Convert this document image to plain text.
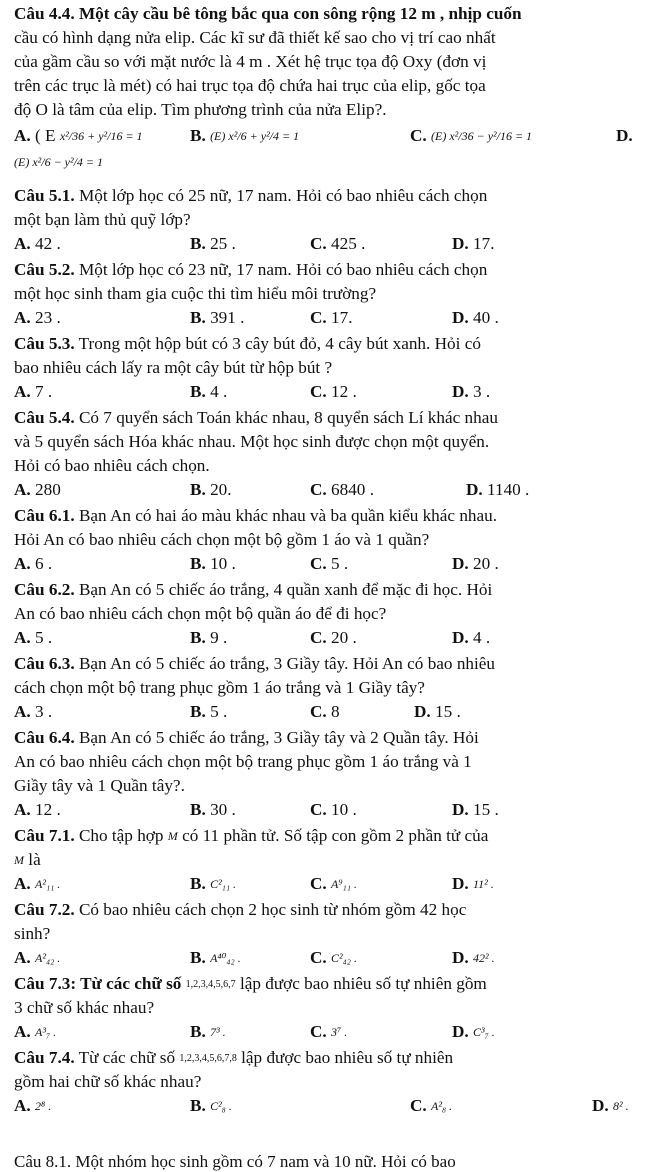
Câu 4.4. Một cây cầu bê tông bắc qua con sông rộng 12 m , nhịp cuốn
cầu có hình dạng nửa elip. Các kĩ sư đã thiết kế sao cho vị trí cao nhất
của gầm cầu so với mặt nước là 4 m . Xét hệ trục tọa độ Oxy (đơn vị
trên các trục là mét) có hai trục tọa độ chứa hai trục của elip, gốc tọa
độ O là tâm của elip. Tìm phương trình của nửa Elip?.
A. ( E x²/36 + y²/16 = 1	B. (E) x²/6 + y²/4 = 1	C. (E) x²/36 − y²/16 = 1	D.
(E) x²/6 − y²/4 = 1
Câu 5.1. Một lớp học có 25 nữ, 17 nam. Hỏi có bao nhiêu cách chọn
một bạn làm thủ quỹ lớp?
A. 42 .	B. 25 .	C. 425 .	D. 17.
Câu 5.2. Một lớp học có 23 nữ, 17 nam. Hỏi có bao nhiêu cách chọn
một học sinh tham gia cuộc thi tìm hiểu môi trường?
A. 23 .	B. 391 .	C. 17.	D. 40 .
Câu 5.3. Trong một hộp bút có 3 cây bút đỏ, 4 cây bút xanh. Hỏi có
bao nhiêu cách lấy ra một cây bút từ hộp bút ?
A. 7 .	B. 4 .	C. 12 .	D. 3 .
Câu 5.4. Có 7 quyển sách Toán khác nhau, 8 quyển sách Lí khác nhau
và 5 quyển sách Hóa khác nhau. Một học sinh được chọn một quyển.
Hỏi có bao nhiêu cách chọn.
A. 280	B. 20.	C. 6840 .	D. 1140 .
Câu 6.1. Bạn An có hai áo màu khác nhau và ba quần kiểu khác nhau.
Hỏi An có bao nhiêu cách chọn một bộ gồm 1 áo và 1 quần?
A. 6 .	B. 10 .	C. 5 .	D. 20 .
Câu 6.2. Bạn An có 5 chiếc áo trắng, 4 quần xanh để mặc đi học. Hỏi
An có bao nhiêu cách chọn một bộ quần áo để đi học?
A. 5 .	B. 9 .	C. 20 .	D. 4 .
Câu 6.3. Bạn An có 5 chiếc áo trắng, 3 Giầy tây. Hỏi An có bao nhiêu
cách chọn một bộ trang phục gồm 1 áo trắng và 1 Giầy tây?
A. 3 .	B. 5 .	C. 8	D. 15 .
Câu 6.4. Bạn An có 5 chiếc áo trắng, 3 Giầy tây và 2 Quần tây. Hỏi
An có bao nhiêu cách chọn một bộ trang phục gồm 1 áo trắng và 1
Giầy tây và 1 Quần tây?.
A. 12 .	B. 30 .	C. 10 .	D. 15 .
Câu 7.1. Cho tập hợp M có 11 phần tử. Số tập con gồm 2 phần tử của
M là
A. A²₁₁ .	B. C²₁₁ .	C. A⁹₁₁ .	D. 11² .
Câu 7.2. Có bao nhiêu cách chọn 2 học sinh từ nhóm gồm 42 học
sinh?
A. A²₄₂ .	B. A⁴⁰₄₂ .	C. C²₄₂ .	D. 42² .
Câu 7.3: Từ các chữ số 1,2,3,4,5,6,7 lập được bao nhiêu số tự nhiên gồm
3 chữ số khác nhau?
A. A³₇ .	B. 7³ .	C. 3⁷ .	D. C³₇ .
Câu 7.4. Từ các chữ số 1,2,3,4,5,6,7,8 lập được bao nhiêu số tự nhiên
gồm hai chữ số khác nhau?
A. 2⁸ .	B. C²₈ .	C. A²₈ .	D. 8² .
Câu 8.1. Một nhóm học sinh gồm có 7 nam và 10 nữ. Hỏi có bao
